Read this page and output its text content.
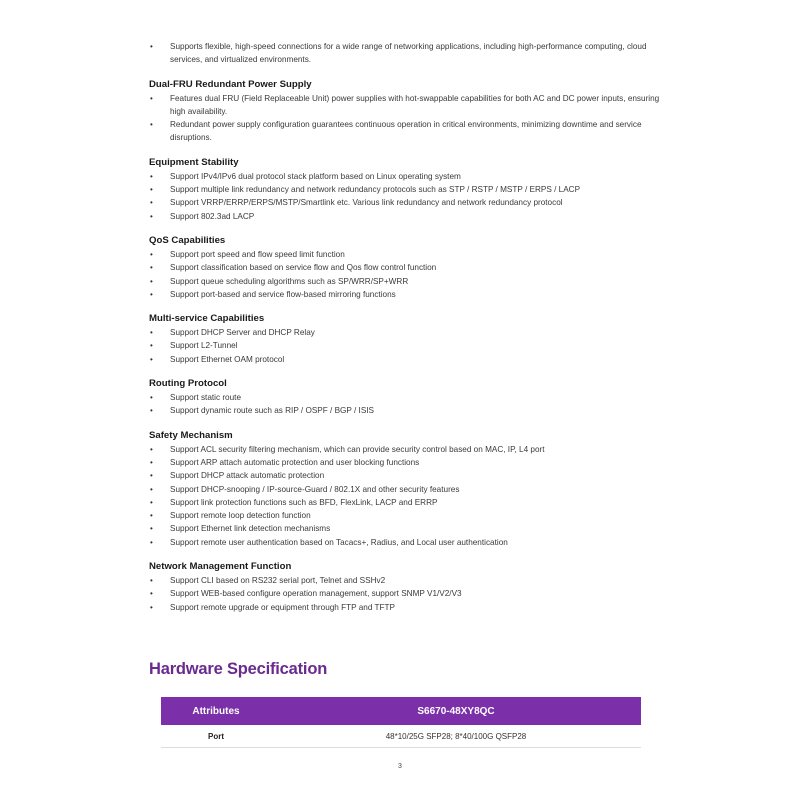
• Supports flexible, high-speed connections for a wide range of networking applications, including high-performance computing, cloud services, and virtualized environments.
Dual-FRU Redundant Power Supply
• Features dual FRU (Field Replaceable Unit) power supplies with hot-swappable capabilities for both AC and DC power inputs, ensuring high availability.
• Redundant power supply configuration guarantees continuous operation in critical environments, minimizing downtime and service disruptions.
Equipment Stability
• Support IPv4/IPv6 dual protocol stack platform based on Linux operating system
• Support multiple link redundancy and network redundancy protocols such as STP / RSTP / MSTP / ERPS / LACP
• Support VRRP/ERRP/ERPS/MSTP/Smartlink etc. Various link redundancy and network redundancy protocol
• Support 802.3ad LACP
QoS Capabilities
• Support port speed and flow speed limit function
• Support classification based on service flow and Qos flow control function
• Support queue scheduling algorithms such as SP/WRR/SP+WRR
• Support port-based and service flow-based mirroring functions
Multi-service Capabilities
• Support DHCP Server and DHCP Relay
• Support L2-Tunnel
• Support Ethernet OAM protocol
Routing Protocol
• Support static route
• Support dynamic route such as RIP / OSPF / BGP / ISIS
Safety Mechanism
• Support ACL security filtering mechanism, which can provide security control based on MAC, IP, L4 port
• Support ARP attach automatic protection and user blocking functions
• Support DHCP attack automatic protection
• Support DHCP-snooping / IP-source-Guard / 802.1X and other security features
• Support link protection functions such as BFD, FlexLink, LACP and ERRP
• Support remote loop detection function
• Support Ethernet link detection mechanisms
• Support remote user authentication based on Tacacs+, Radius, and Local user authentication
Network Management Function
• Support CLI based on RS232 serial port, Telnet and SSHv2
• Support WEB-based configure operation management, support SNMP V1/V2/V3
• Support remote upgrade or equipment through FTP and TFTP
Hardware Specification
Attributes	S6670-48XY8QC
Port	48*10/25G SFP28; 8*40/100G QSFP28
3
